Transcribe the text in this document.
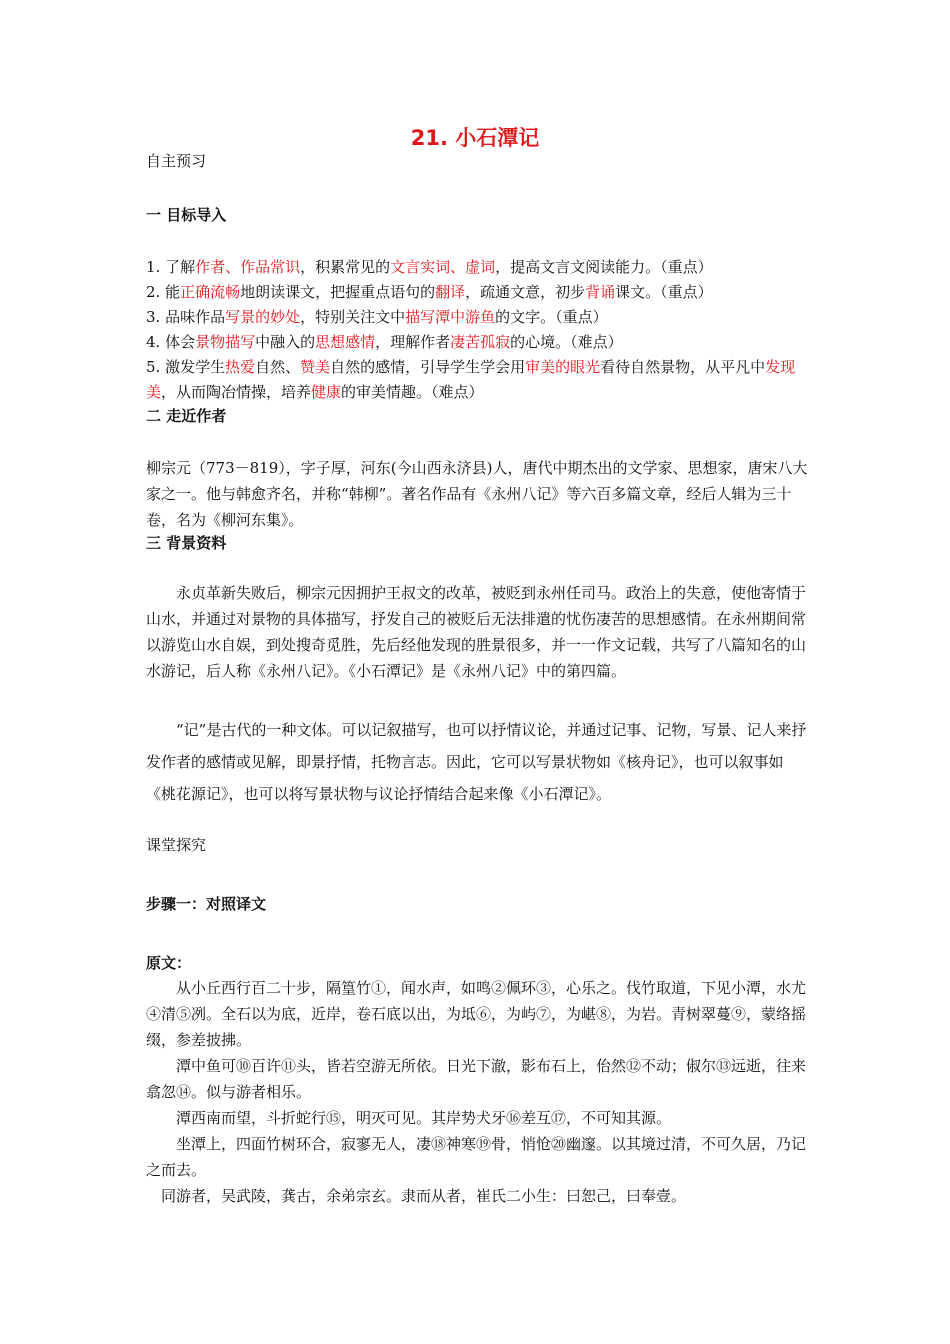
21. 小石潭记
自主预习
一 目标导入
1. 了解作者、作品常识，积累常见的文言实词、虚词，提高文言文阅读能力。（重点）
2. 能正确流畅地朗读课文，把握重点语句的翻译，疏通文意，初步背诵课文。（重点）
3. 品味作品写景的妙处，特别关注文中描写潭中游鱼的文字。（重点）
4. 体会景物描写中融入的思想感情，理解作者凄苦孤寂的心境。（难点）
5. 激发学生热爱自然、赞美自然的感情，引导学生学会用审美的眼光看待自然景物，从平凡中发现美，从而陶冶情操，培养健康的审美情趣。（难点）
二 走近作者
柳宗元（773－819），字子厚，河东(今山西永济县)人，唐代中期杰出的文学家、思想家，唐宋八大家之一。他与韩愈齐名，并称“韩柳”。著名作品有《永州八记》等六百多篇文章，经后人辑为三十卷，名为《柳河东集》。
三 背景资料
永贞革新失败后，柳宗元因拥护王叔文的改革，被贬到永州任司马。政治上的失意，使他寄情于山水，并通过对景物的具体描写，抒发自己的被贬后无法排遣的忧伤凄苦的思想感情。在永州期间常以游览山水自娱，到处搜奇觅胜，先后经他发现的胜景很多，并一一作文记载，共写了八篇知名的山水游记，后人称《永州八记》。《小石潭记》是《永州八记》中的第四篇。
“记”是古代的一种文体。可以记叙描写，也可以抒情议论，并通过记事、记物，写景、记人来抒发作者的感情或见解，即景抒情，托物言志。因此，它可以写景状物如《核舟记》，也可以叙事如《桃花源记》，也可以将写景状物与议论抒情结合起来像《小石潭记》。
课堂探究
步骤一：对照译文
原文：

从小丘西行百二十步，隔篁竹①，闻水声，如鸣②佩环③，心乐之。伐竹取道，下见小潭，水尤④清⑤冽。全石以为底，近岸，卷石底以出，为坻⑥，为屿⑦，为嵁⑧，为岩。青树翠蔓⑨，蒙络摇缀，参差披拂。

潭中鱼可⑩百许⑪头，皆若空游无所依。日光下澈，影布石上，佁然⑫不动；俶尔⑬远逝，往来翕忽⑭。似与游者相乐。

潭西南而望，斗折蛇行⑮，明灭可见。其岸势犬牙⑯差互⑰，不可知其源。

坐潭上，四面竹树环合，寂寥无人，凄⑱神寒⑲骨，悄怆⑳幽邃。以其境过清，不可久居，乃记之而去。

同游者，吴武陵，龚古，余弟宗玄。隶而从者，崔氏二小生：曰恕己，曰奉壹。
